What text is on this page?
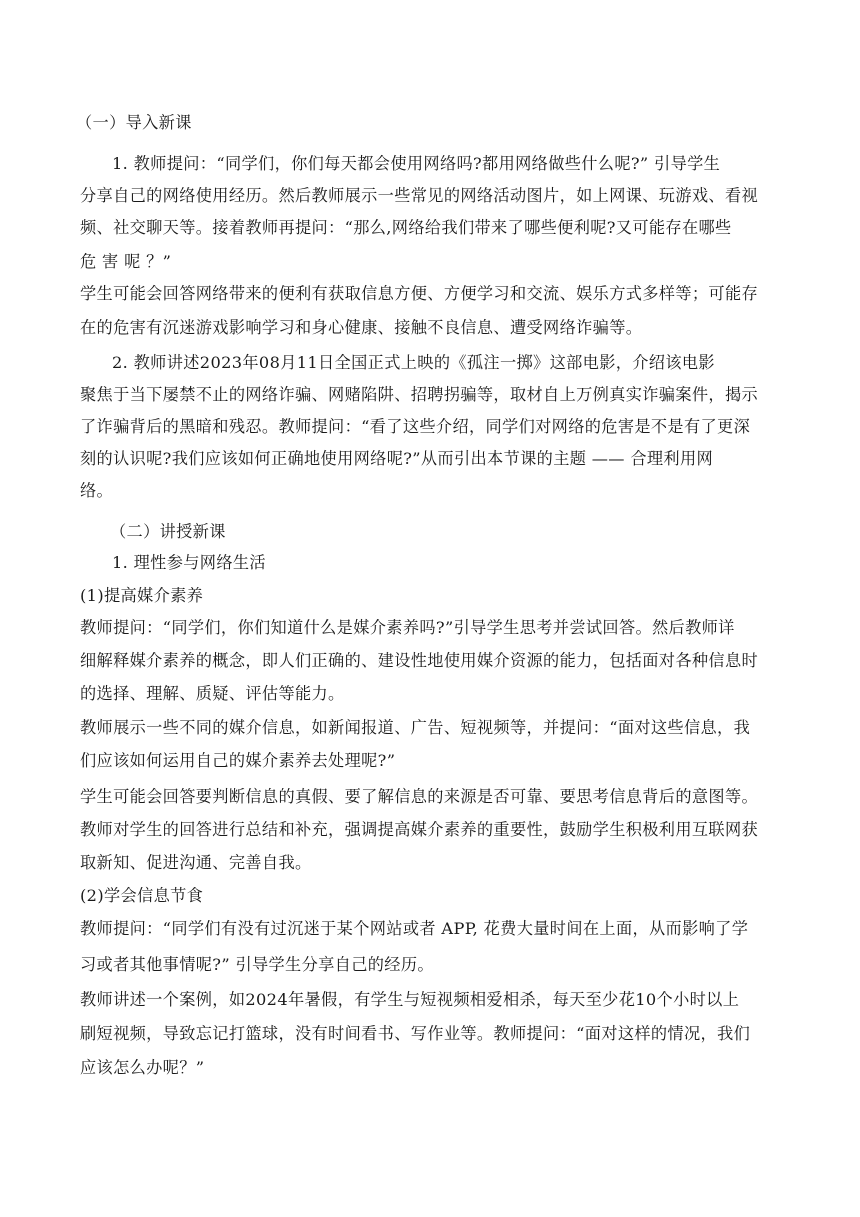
（一）导入新课
1. 教师提问：“同学们，你们每天都会使用网络吗?都用网络做些什么呢?” 引导学生
分享自己的网络使用经历。然后教师展示一些常见的网络活动图片，如上网课、玩游戏、看视
频、社交聊天等。接着教师再提问：“那么,网络给我们带来了哪些便利呢?又可能存在哪些
危 害 呢 ？”
学生可能会回答网络带来的便利有获取信息方便、方便学习和交流、娱乐方式多样等；可能存
在的危害有沉迷游戏影响学习和身心健康、接触不良信息、遭受网络诈骗等。
2. 教师讲述2023年08月11日全国正式上映的《孤注一掷》这部电影，介绍该电影
聚焦于当下屡禁不止的网络诈骗、网赌陷阱、招聘拐骗等，取材自上万例真实诈骗案件，揭示
了诈骗背后的黑暗和残忍。教师提问：“看了这些介绍，同学们对网络的危害是不是有了更深
刻的认识呢?我们应该如何正确地使用网络呢?”从而引出本节课的主题 —— 合理利用网
络。
（二）讲授新课
1. 理性参与网络生活
(1)提高媒介素养
教师提问：“同学们，你们知道什么是媒介素养吗?”引导学生思考并尝试回答。然后教师详
细解释媒介素养的概念，即人们正确的、建设性地使用媒介资源的能力，包括面对各种信息时
的选择、理解、质疑、评估等能力。
教师展示一些不同的媒介信息，如新闻报道、广告、短视频等，并提问：“面对这些信息，我
们应该如何运用自己的媒介素养去处理呢?”
学生可能会回答要判断信息的真假、要了解信息的来源是否可靠、要思考信息背后的意图等。
教师对学生的回答进行总结和补充，强调提高媒介素养的重要性，鼓励学生积极利用互联网获
取新知、促进沟通、完善自我。
(2)学会信息节食
教师提问：“同学们有没有过沉迷于某个网站或者 APP, 花费大量时间在上面，从而影响了学
习或者其他事情呢?” 引导学生分享自己的经历。
教师讲述一个案例，如2024年暑假，有学生与短视频相爱相杀，每天至少花10个小时以上
刷短视频，导致忘记打篮球，没有时间看书、写作业等。教师提问：“面对这样的情况，我们
应该怎么办呢？”
